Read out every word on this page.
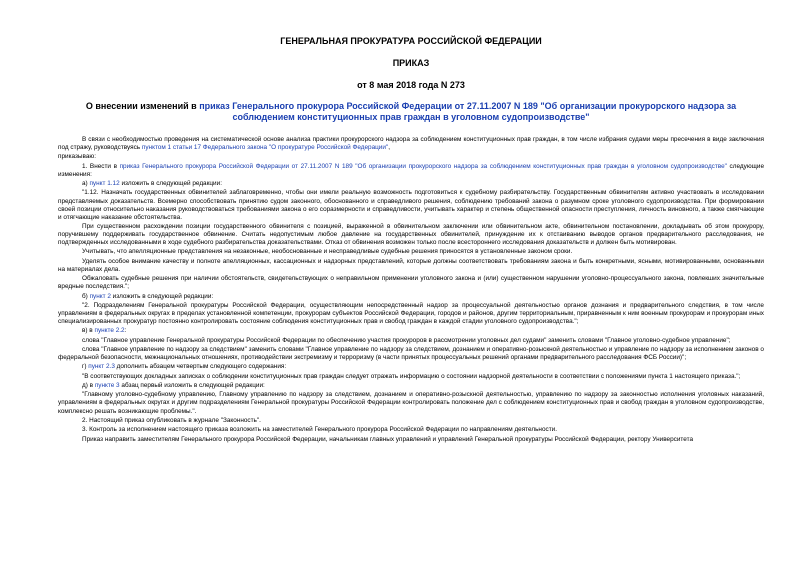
ГЕНЕРАЛЬНАЯ ПРОКУРАТУРА РОССИЙСКОЙ ФЕДЕРАЦИИ
ПРИКАЗ
от 8 мая 2018 года N 273
О внесении изменений в приказ Генерального прокурора Российской Федерации от 27.11.2007 N 189 "Об организации прокурорского надзора за соблюдением конституционных прав граждан в уголовном судопроизводстве"

В связи с необходимостью проведения на систематической основе анализа практики прокурорского надзора за соблюдением конституционных прав граждан, в том числе избрания судами меры пресечения в виде заключения под стражу, руководствуясь пунктом 1 статьи 17 Федерального закона "О прокуратуре Российской Федерации",

приказываю:

1. Внести в приказ Генерального прокурора Российской Федерации от 27.11.2007 N 189 "Об организации прокурорского надзора за соблюдением конституционных прав граждан в уголовном судопроизводстве" следующие изменения:

а) пункт 1.12 изложить в следующей редакции:

"1.12. Назначать государственных обвинителей заблаговременно, чтобы они имели реальную возможность подготовиться к судебному разбирательству. Государственным обвинителям активно участвовать в исследовании представляемых доказательств. Всемерно способствовать принятию судом законного, обоснованного и справедливого решения, соблюдению требований закона о разумном сроке уголовного судопроизводства. При формировании своей позиции относительно наказания руководствоваться требованиями закона о его соразмерности и справедливости, учитывать характер и степень общественной опасности преступления, личность виновного, а также смягчающие и отягчающие наказание обстоятельства.

При существенном расхождении позиции государственного обвинителя с позицией, выраженной в обвинительном заключении или обвинительном акте, обвинительном постановлении, докладывать об этом прокурору, поручившему поддерживать государственное обвинение. Считать недопустимым любое давление на государственных обвинителей, принуждение их к отстаиванию выводов органов предварительного расследования, не подтвержденных исследованными в ходе судебного разбирательства доказательствами. Отказ от обвинения возможен только после всестороннего исследования доказательств и должен быть мотивирован.

Учитывать, что апелляционные представления на незаконные, необоснованные и несправедливые судебные решения приносятся в установленные законом сроки.

Уделять особое внимание качеству и полноте апелляционных, кассационных и надзорных представлений, которые должны соответствовать требованиям закона и быть конкретными, ясными, мотивированными, основанными на материалах дела.

Обжаловать судебные решения при наличии обстоятельств, свидетельствующих о неправильном применении уголовного закона и (или) существенном нарушении уголовно-процессуального закона, повлекших значительные вредные последствия.";

б) пункт 2 изложить в следующей редакции:

"2. Подразделениям Генеральной прокуратуры Российской Федерации, осуществляющим непосредственный надзор за процессуальной деятельностью органов дознания и предварительного следствия, в том числе управлениям в федеральных округах в пределах установленной компетенции, прокурорам субъектов Российской Федерации, городов и районов, другим территориальным, приравненным к ним военным прокурорам и прокурорам иных специализированных прокуратур постоянно контролировать состояние соблюдения конституционных прав и свобод граждан в каждой стадии уголовного судопроизводства.";

в) в пункте 2.2:

слова "Главное управление Генеральной прокуратуры Российской Федерации по обеспечению участия прокуроров в рассмотрении уголовных дел судами" заменить словами "Главное уголовно-судебное управление";

слова "Главное управление по надзору за следствием" заменить словами "Главное управление по надзору за следствием, дознанием и оперативно-розыскной деятельностью и управление по надзору за исполнением законов о федеральной безопасности, межнациональных отношениях, противодействии экстремизму и терроризму (в части принятых процессуальных решений органами предварительного расследования ФСБ России)";

г) пункт 2.3 дополнить абзацем четвертым следующего содержания:

"В соответствующих докладных записках о соблюдении конституционных прав граждан следует отражать информацию о состоянии надзорной деятельности в соответствии с положениями пункта 1 настоящего приказа.";

д) в пункте 3 абзац первый изложить в следующей редакции:

"Главному уголовно-судебному управлению, Главному управлению по надзору за следствием, дознанием и оперативно-розыскной деятельностью, управлению по надзору за законностью исполнения уголовных наказаний, управлениям в федеральных округах и другим подразделениям Генеральной прокуратуры Российской Федерации контролировать положение дел с соблюдением конституционных прав и свобод граждан в уголовном судопроизводстве, комплексно решать возникающие проблемы.".

2. Настоящий приказ опубликовать в журнале "Законность".

3. Контроль за исполнением настоящего приказа возложить на заместителей Генерального прокурора Российской Федерации по направлениям деятельности.

Приказ направить заместителям Генерального прокурора Российской Федерации, начальникам главных управлений и управлений Генеральной прокуратуры Российской Федерации, ректору Университета
